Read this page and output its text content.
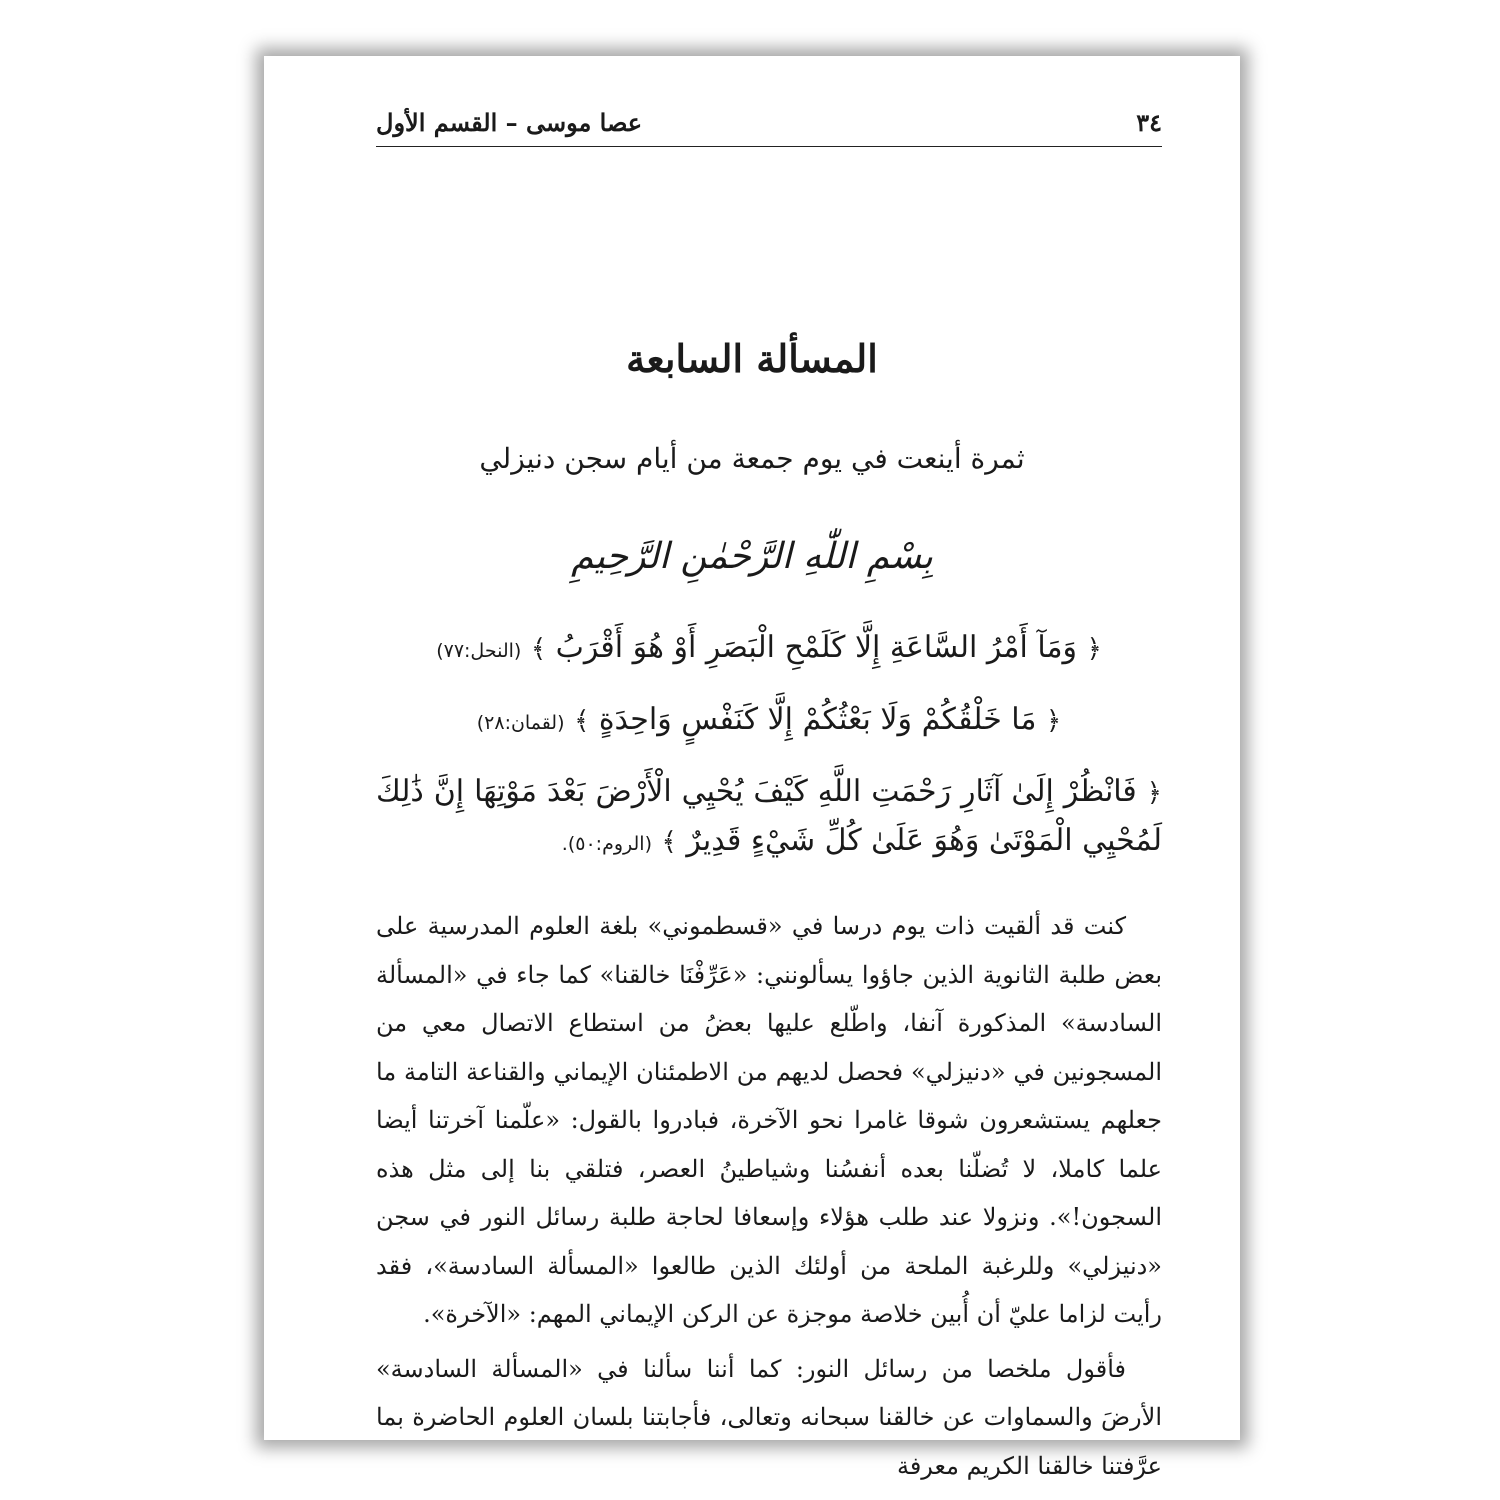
٣٤
عصا موسى – القسم الأول
المسألة السابعة
ثمرة أينعت في يوم جمعة من أيام سجن دنيزلي
بِسْمِ اللّٰهِ الرَّحْمٰنِ الرَّحِيمِ
﴿ وَمَآ أَمْرُ السَّاعَةِ إِلَّا كَلَمْحِ الْبَصَرِ أَوْ هُوَ أَقْرَبُ ﴾ (النحل:٧٧)
﴿ مَا خَلْقُكُمْ وَلَا بَعْثُكُمْ إِلَّا كَنَفْسٍ وَاحِدَةٍ ﴾ (لقمان:٢٨)
﴿ فَانْظُرْ إِلَىٰ آثَارِ رَحْمَتِ اللَّهِ كَيْفَ يُحْيِي الْأَرْضَ بَعْدَ مَوْتِهَا إِنَّ ذَٰلِكَ لَمُحْيِي الْمَوْتَىٰ وَهُوَ عَلَىٰ كُلِّ شَيْءٍ قَدِيرٌ ﴾ (الروم:٥٠).

كنت قد ألقيت ذات يوم درسا في «قسطموني» بلغة العلوم المدرسية على بعض طلبة الثانوية الذين جاؤوا يسألونني: «عَرِّفْنَا خالقنا» كما جاء في «المسألة السادسة» المذكورة آنفا، واطّلع عليها بعضُ من استطاع الاتصال معي من المسجونين في «دنيزلي» فحصل لديهم من الاطمئنان الإيماني والقناعة التامة ما جعلهم يستشعرون شوقا غامرا نحو الآخرة، فبادروا بالقول: «علّمنا آخرتنا أيضا علما كاملا، لا تُضلّنا بعده أنفسُنا وشياطينُ العصر، فتلقي بنا إلى مثل هذه السجون!». ونزولا عند طلب هؤلاء وإسعافا لحاجة طلبة رسائل النور في سجن «دنيزلي» وللرغبة الملحة من أولئك الذين طالعوا «المسألة السادسة»، فقد رأيت لزاما عليّ أن أُبين خلاصة موجزة عن الركن الإيماني المهم: «الآخرة».

فأقول ملخصا من رسائل النور: كما أننا سألنا في «المسألة السادسة» الأرضَ والسماوات عن خالقنا سبحانه وتعالى، فأجابتنا بلسان العلوم الحاضرة بما عرَّفتنا خالقنا الكريم معرفة
